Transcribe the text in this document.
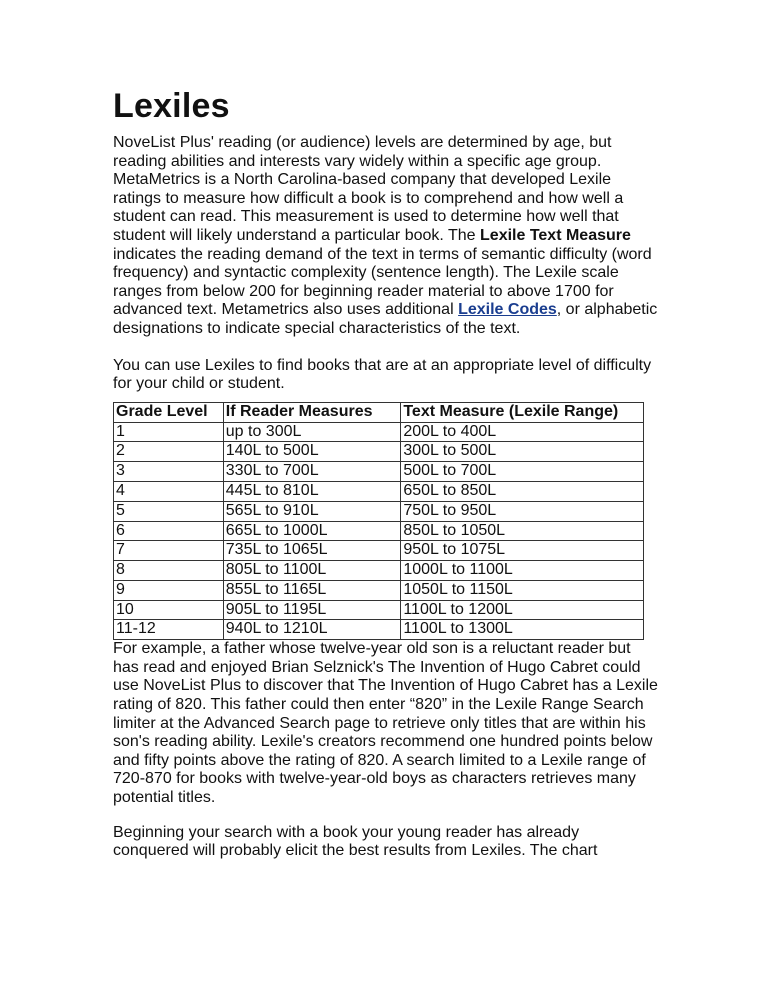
Lexiles

NoveList Plus' reading (or audience) levels are determined by age, but reading abilities and interests vary widely within a specific age group. MetaMetrics is a North Carolina-based company that developed Lexile ratings to measure how difficult a book is to comprehend and how well a student can read. This measurement is used to determine how well that student will likely understand a particular book. The Lexile Text Measure indicates the reading demand of the text in terms of semantic difficulty (word frequency) and syntactic complexity (sentence length). The Lexile scale ranges from below 200 for beginning reader material to above 1700 for advanced text. Metametrics also uses additional Lexile Codes, or alphabetic designations to indicate special characteristics of the text.

You can use Lexiles to find books that are at an appropriate level of difficulty for your child or student.

Grade Level	If Reader Measures	Text Measure (Lexile Range)
1	up to 300L	200L to 400L
2	140L to 500L	300L to 500L
3	330L to 700L	500L to 700L
4	445L to 810L	650L to 850L
5	565L to 910L	750L to 950L
6	665L to 1000L	850L to 1050L
7	735L to 1065L	950L to 1075L
8	805L to 1100L	1000L to 1100L
9	855L to 1165L	1050L to 1150L
10	905L to 1195L	1100L to 1200L
11-12	940L to 1210L	1100L to 1300L

For example, a father whose twelve-year old son is a reluctant reader but has read and enjoyed Brian Selznick's The Invention of Hugo Cabret could use NoveList Plus to discover that The Invention of Hugo Cabret has a Lexile rating of 820. This father could then enter “820” in the Lexile Range Search limiter at the Advanced Search page to retrieve only titles that are within his son's reading ability. Lexile's creators recommend one hundred points below and fifty points above the rating of 820. A search limited to a Lexile range of 720-870 for books with twelve-year-old boys as characters retrieves many potential titles.

Beginning your search with a book your young reader has already conquered will probably elicit the best results from Lexiles. The chart
